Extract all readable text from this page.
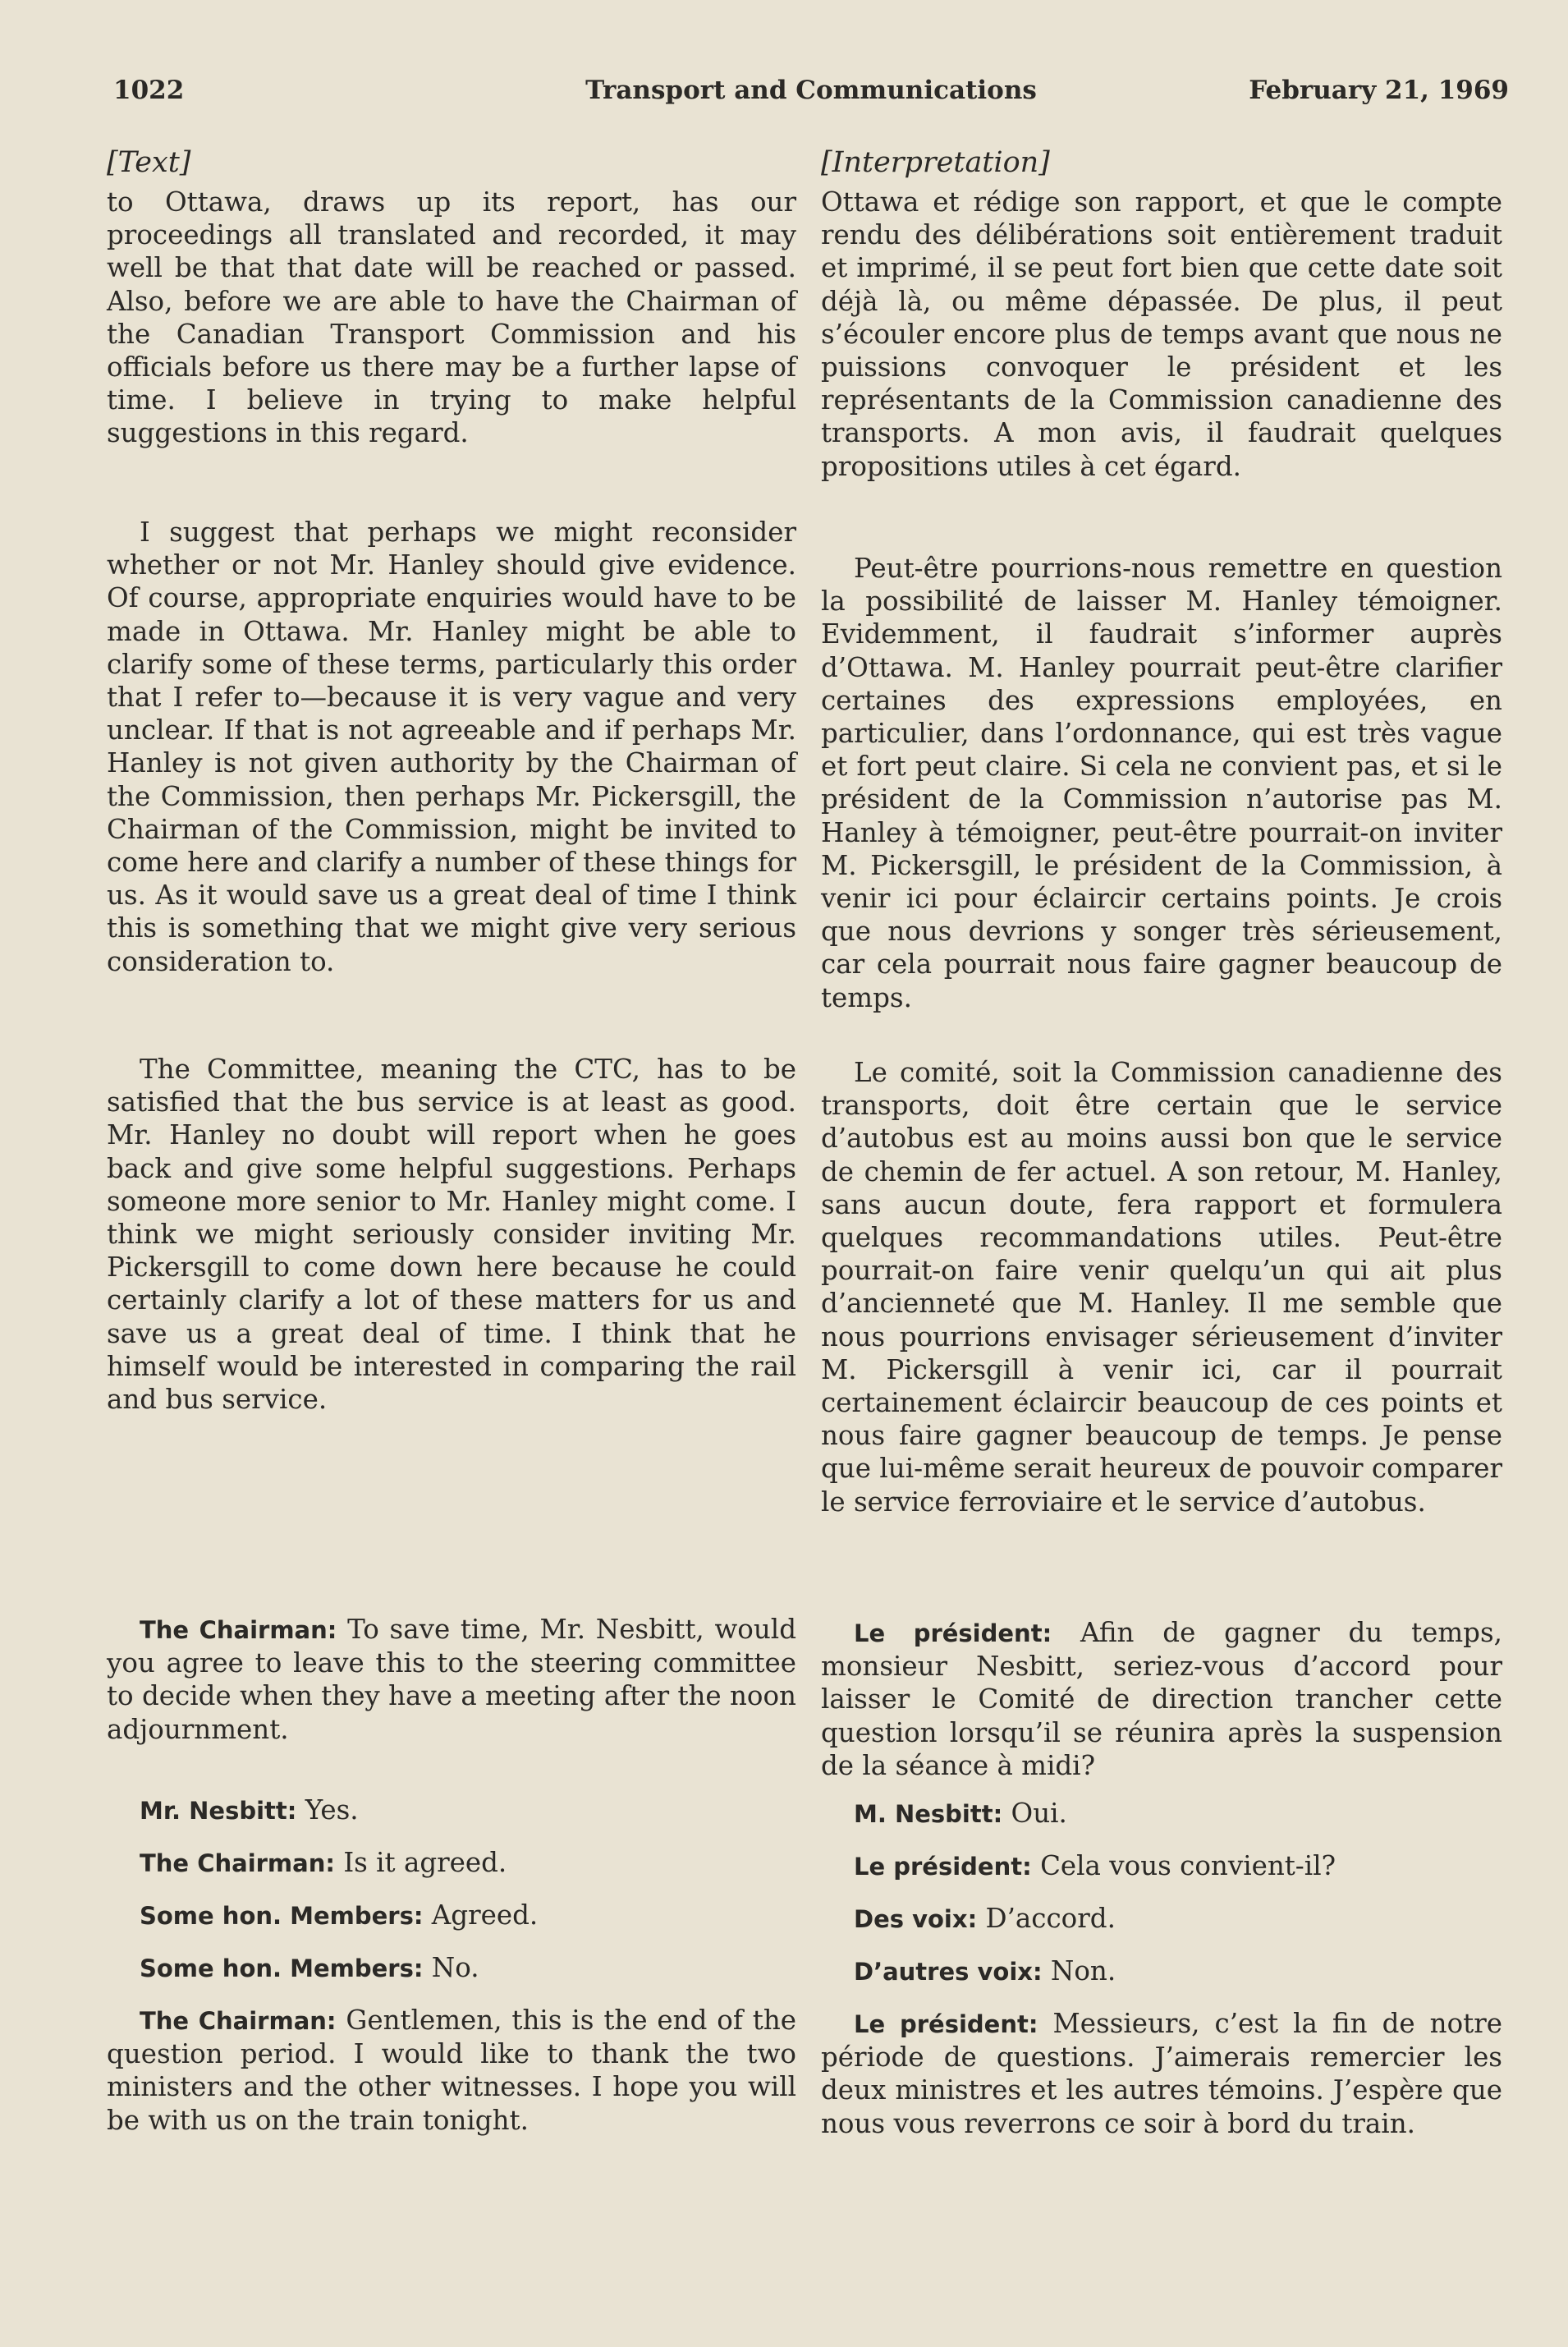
1022	Transport and Communications	February 21, 1969
[Text]

to Ottawa, draws up its report, has our proceedings all translated and recorded, it may well be that that date will be reached or passed. Also, before we are able to have the Chairman of the Canadian Transport Commission and his officials before us there may be a further lapse of time. I believe in trying to make helpful suggestions in this regard.

I suggest that perhaps we might reconsider whether or not Mr. Hanley should give evidence. Of course, appropriate enquiries would have to be made in Ottawa. Mr. Hanley might be able to clarify some of these terms, particularly this order that I refer to—because it is very vague and very unclear. If that is not agreeable and if perhaps Mr. Hanley is not given authority by the Chairman of the Commission, then perhaps Mr. Pickersgill, the Chairman of the Commission, might be invited to come here and clarify a number of these things for us. As it would save us a great deal of time I think this is something that we might give very serious consideration to.

The Committee, meaning the CTC, has to be satisfied that the bus service is at least as good. Mr. Hanley no doubt will report when he goes back and give some helpful suggestions. Perhaps someone more senior to Mr. Hanley might come. I think we might seriously consider inviting Mr. Pickersgill to come down here because he could certainly clarify a lot of these matters for us and save us a great deal of time. I think that he himself would be interested in comparing the rail and bus service.

The Chairman: To save time, Mr. Nesbitt, would you agree to leave this to the steering committee to decide when they have a meeting after the noon adjournment.

Mr. Nesbitt: Yes.

The Chairman: Is it agreed.

Some hon. Members: Agreed.

Some hon. Members: No.

The Chairman: Gentlemen, this is the end of the question period. I would like to thank the two ministers and the other witnesses. I hope you will be with us on the train tonight.

[Interpretation]

Ottawa et rédige son rapport, et que le compte rendu des délibérations soit entièrement traduit et imprimé, il se peut fort bien que cette date soit déjà là, ou même dépassée. De plus, il peut s’écouler encore plus de temps avant que nous ne puissions convoquer le président et les représentants de la Commission canadienne des transports. A mon avis, il faudrait quelques propositions utiles à cet égard.

Peut-être pourrions-nous remettre en question la possibilité de laisser M. Hanley témoigner. Evidemment, il faudrait s’informer auprès d’Ottawa. M. Hanley pourrait peut-être clarifier certaines des expressions employées, en particulier, dans l’ordonnance, qui est très vague et fort peut claire. Si cela ne convient pas, et si le président de la Commission n’autorise pas M. Hanley à témoigner, peut-être pourrait-on inviter M. Pickersgill, le président de la Commission, à venir ici pour éclaircir certains points. Je crois que nous devrions y songer très sérieusement, car cela pourrait nous faire gagner beaucoup de temps.

Le comité, soit la Commission canadienne des transports, doit être certain que le service d’autobus est au moins aussi bon que le service de chemin de fer actuel. A son retour, M. Hanley, sans aucun doute, fera rapport et formulera quelques recommandations utiles. Peut-être pourrait-on faire venir quelqu’un qui ait plus d’ancienneté que M. Hanley. Il me semble que nous pourrions envisager sérieusement d’inviter M. Pickersgill à venir ici, car il pourrait certainement éclaircir beaucoup de ces points et nous faire gagner beaucoup de temps. Je pense que lui-même serait heureux de pouvoir comparer le service ferroviaire et le service d’autobus.

Le président: Afin de gagner du temps, monsieur Nesbitt, seriez-vous d’accord pour laisser le Comité de direction trancher cette question lorsqu’il se réunira après la suspension de la séance à midi?

M. Nesbitt: Oui.

Le président: Cela vous convient-il?

Des voix: D’accord.

D’autres voix: Non.

Le président: Messieurs, c’est la fin de notre période de questions. J’aimerais remercier les deux ministres et les autres témoins. J’espère que nous vous reverrons ce soir à bord du train.
